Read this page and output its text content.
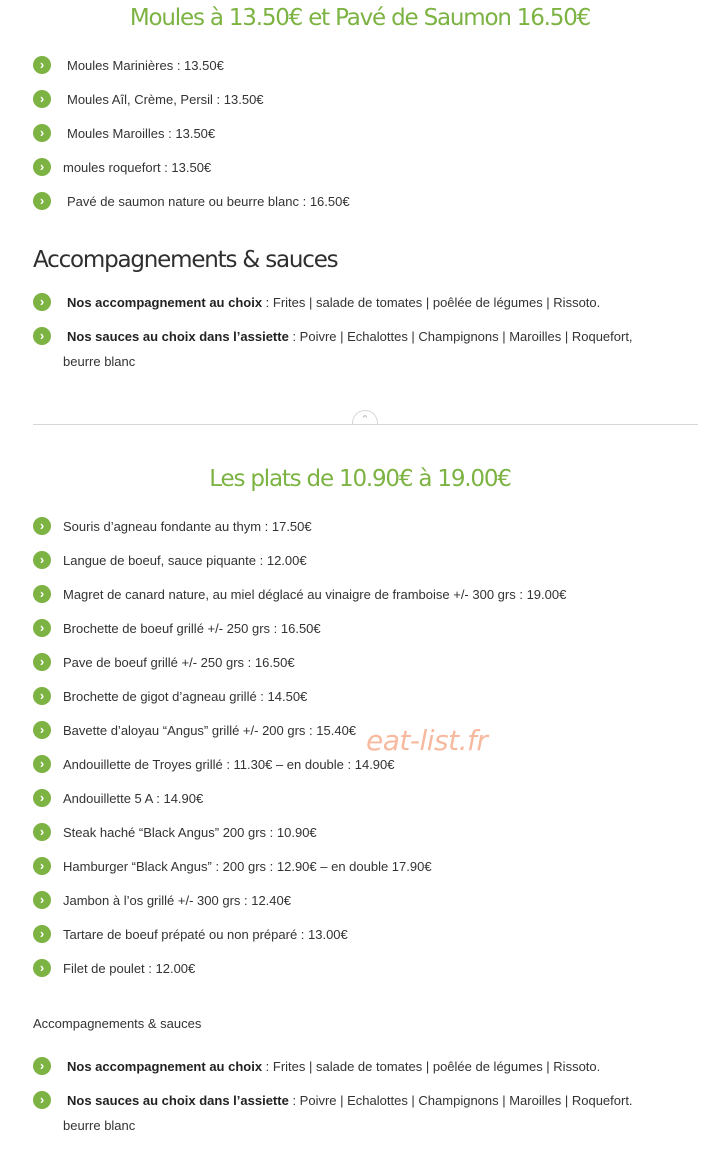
Moules à 13.50€ et Pavé de Saumon 16.50€
›	Moules Marinières : 13.50€
›	Moules Aîl, Crème, Persil : 13.50€
›	Moules Maroilles : 13.50€
›	moules roquefort : 13.50€
›	Pavé de saumon nature ou beurre blanc : 16.50€
Accompagnements & sauces
›	Nos accompagnement au choix : Frites | salade de tomates | poêlée de légumes | Rissoto.
›	Nos sauces au choix dans l’assiette : Poivre | Echalottes | Champignons | Maroilles | Roquefort,
beurre blanc
⌃
Les plats de 10.90€ à 19.00€
›	Souris d’agneau fondante au thym : 17.50€
›	Langue de boeuf, sauce piquante : 12.00€
›	Magret de canard nature, au miel déglacé au vinaigre de framboise +/- 300 grs : 19.00€
›	Brochette de boeuf grillé +/- 250 grs : 16.50€
›	Pave de boeuf grillé +/- 250 grs : 16.50€
›	Brochette de gigot d’agneau grillé : 14.50€
›	Bavette d’aloyau “Angus” grillé +/- 200 grs : 15.40€
›	Andouillette de Troyes grillé : 11.30€ – en double : 14.90€
›	Andouillette 5 A : 14.90€
›	Steak haché “Black Angus” 200 grs : 10.90€
›	Hamburger “Black Angus” : 200 grs : 12.90€ – en double 17.90€
›	Jambon à l’os grillé +/- 300 grs : 12.40€
›	Tartare de boeuf prépaté ou non préparé : 13.00€
›	Filet de poulet : 12.00€
eat-list.fr

Accompagnements & sauces

›	Nos accompagnement au choix : Frites | salade de tomates | poêlée de légumes | Rissoto.
›	Nos sauces au choix dans l’assiette : Poivre | Echalottes | Champignons | Maroilles | Roquefort.
beurre blanc
